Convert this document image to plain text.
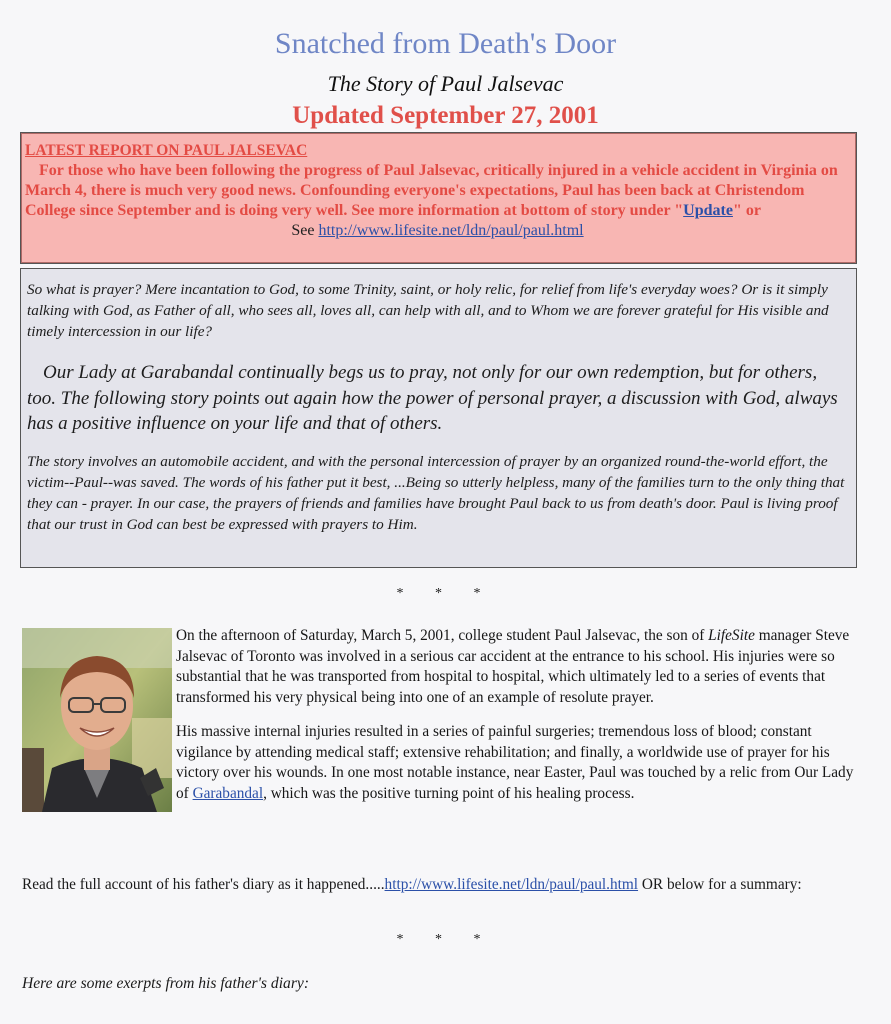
Snatched from Death's Door
The Story of Paul Jalsevac
Updated September 27, 2001
LATEST REPORT ON PAUL JALSEVAC
For those who have been following the progress of Paul Jalsevac, critically injured in a vehicle accident in Virginia on March 4, there is much very good news. Confounding everyone's expectations, Paul has been back at Christendom College since September and is doing very well. See more information at bottom of story under "Update" or
See http://www.lifesite.net/ldn/paul/paul.html
So what is prayer? Mere incantation to God, to some Trinity, saint, or holy relic, for relief from life's everyday woes? Or is it simply talking with God, as Father of all, who sees all, loves all, can help with all, and to Whom we are forever grateful for His visible and timely intercession in our life?
Our Lady at Garabandal continually begs us to pray, not only for our own redemption, but for others, too. The following story points out again how the power of personal prayer, a discussion with God, always has a positive influence on your life and that of others.
The story involves an automobile accident, and with the personal intercession of prayer by an organized round-the-world effort, the victim--Paul--was saved. The words of his father put it best, ...Being so utterly helpless, many of the families turn to the only thing that they can - prayer. In our case, the prayers of friends and families have brought Paul back to us from death's door. Paul is living proof that our trust in God can best be expressed with prayers to Him.
* * *
On the afternoon of Saturday, March 5, 2001, college student Paul Jalsevac, the son of LifeSite manager Steve Jalsevac of Toronto was involved in a serious car accident at the entrance to his school. His injuries were so substantial that he was transported from hospital to hospital, which ultimately led to a series of events that transformed his very physical being into one of an example of resolute prayer.

His massive internal injuries resulted in a series of painful surgeries; tremendous loss of blood; constant vigilance by attending medical staff; extensive rehabilitation; and finally, a worldwide use of prayer for his victory over his wounds. In one most notable instance, near Easter, Paul was touched by a relic from Our Lady of Garabandal, which was the positive turning point of his healing process.

Read the full account of his father's diary as it happened.....http://www.lifesite.net/ldn/paul/paul.html OR below for a summary:
* * *
Here are some exerpts from his father's diary:
